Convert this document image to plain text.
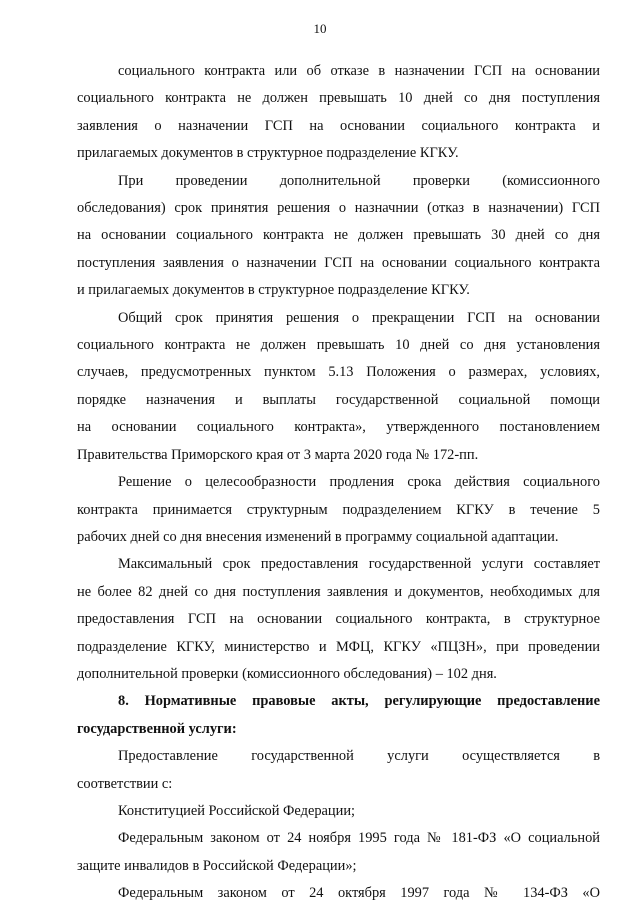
10
социального контракта или об отказе в назначении ГСП на основании
социального контракта не должен превышать 10 дней со дня поступления
заявления о назначении ГСП на основании социального контракта и
прилагаемых документов в структурное подразделение КГКУ.
При проведении дополнительной проверки (комиссионного
обследования) срок принятия решения о назначнии (отказ в назначении) ГСП
на основании социального контракта не должен превышать 30 дней со дня
поступления заявления о назначении ГСП на основании социального контракта
и прилагаемых документов в структурное подразделение КГКУ.
Общий срок принятия решения о прекращении ГСП на основании
социального контракта не должен превышать 10 дней со дня установления
случаев, предусмотренных пунктом 5.13 Положения о размерах, условиях,
порядке назначения и выплаты государственной социальной помощи
на основании социального контракта», утвержденного постановлением
Правительства Приморского края от 3 марта 2020 года № 172-пп.
Решение о целесообразности продления срока действия социального
контракта принимается структурным подразделением КГКУ в течение 5
рабочих дней со дня внесения изменений в программу социальной адаптации.
Максимальный срок предоставления государственной услуги составляет
не более 82 дней со дня поступления заявления и документов, необходимых для
предоставления ГСП на основании социального контракта, в структурное
подразделение КГКУ, министерство и МФЦ, КГКУ «ПЦЗН», при проведении
дополнительной проверки (комиссионного обследования) – 102 дня.
8. Нормативные правовые акты, регулирующие предоставление
государственной услуги:
Предоставление государственной услуги осуществляется в
соответствии с:
Конституцией Российской Федерации;
Федеральным законом от 24 ноября 1995 года № 181-ФЗ «О социальной
защите инвалидов в Российской Федерации»;
Федеральным законом от 24 октября 1997 года № 134-ФЗ «О
